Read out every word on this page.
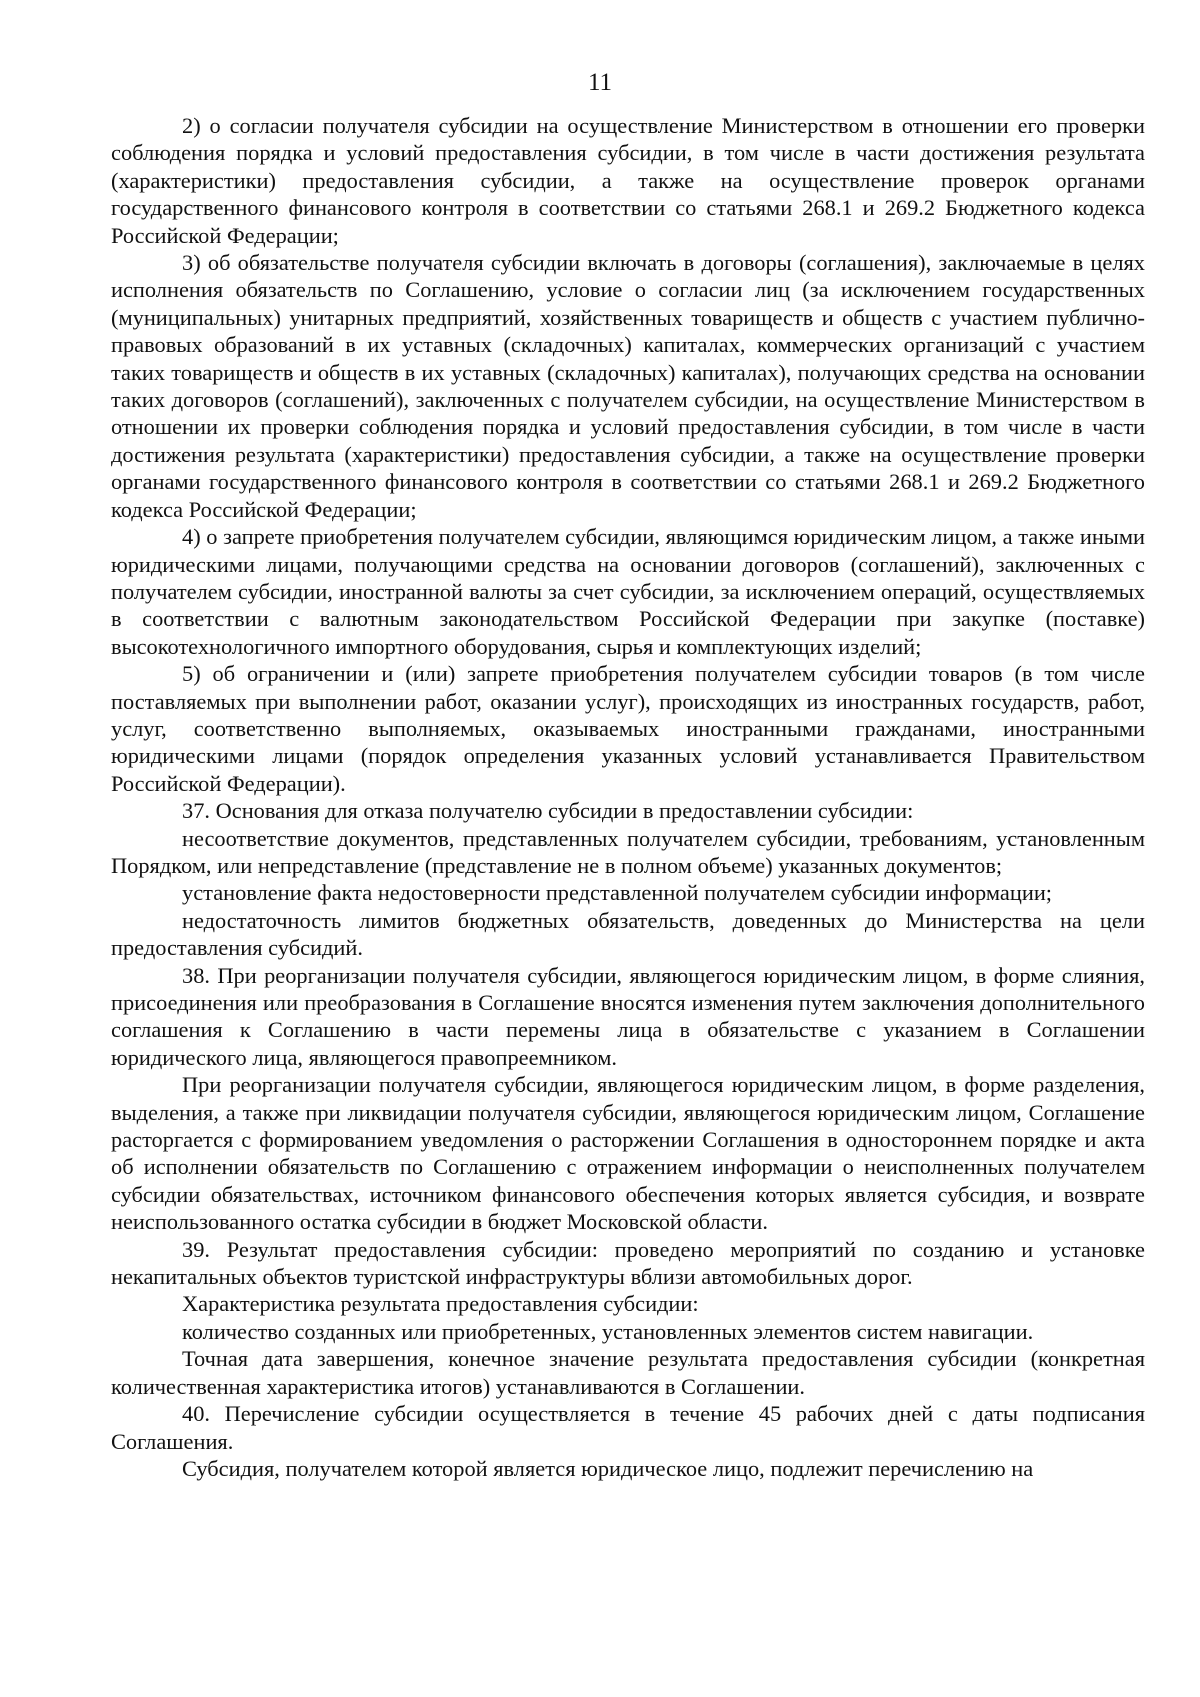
11

2) о согласии получателя субсидии на осуществление Министерством в отношении его проверки соблюдения порядка и условий предоставления субсидии, в том числе в части достижения результата (характеристики) предоставления субсидии, а также на осуществление проверок органами государственного финансового контроля в соответствии со статьями 268.1 и 269.2 Бюджетного кодекса Российской Федерации;

3) об обязательстве получателя субсидии включать в договоры (соглашения), заключаемые в целях исполнения обязательств по Соглашению, условие о согласии лиц (за исключением государственных (муниципальных) унитарных предприятий, хозяйственных товариществ и обществ с участием публично-правовых образований в их уставных (складочных) капиталах, коммерческих организаций с участием таких товариществ и обществ в их уставных (складочных) капиталах), получающих средства на основании таких договоров (соглашений), заключенных с получателем субсидии, на осуществление Министерством в отношении их проверки соблюдения порядка и условий предоставления субсидии, в том числе в части достижения результата (характеристики) предоставления субсидии, а также на осуществление проверки органами государственного финансового контроля в соответствии со статьями 268.1 и 269.2 Бюджетного кодекса Российской Федерации;

4) о запрете приобретения получателем субсидии, являющимся юридическим лицом, а также иными юридическими лицами, получающими средства на основании договоров (соглашений), заключенных с получателем субсидии, иностранной валюты за счет субсидии, за исключением операций, осуществляемых в соответствии с валютным законодательством Российской Федерации при закупке (поставке) высокотехнологичного импортного оборудования, сырья и комплектующих изделий;

5) об ограничении и (или) запрете приобретения получателем субсидии товаров (в том числе поставляемых при выполнении работ, оказании услуг), происходящих из иностранных государств, работ, услуг, соответственно выполняемых, оказываемых иностранными гражданами, иностранными юридическими лицами (порядок определения указанных условий устанавливается Правительством Российской Федерации).

37. Основания для отказа получателю субсидии в предоставлении субсидии:

несоответствие документов, представленных получателем субсидии, требованиям, установленным Порядком, или непредставление (представление не в полном объеме) указанных документов;

установление факта недостоверности представленной получателем субсидии информации;

недостаточность лимитов бюджетных обязательств, доведенных до Министерства на цели предоставления субсидий.

38. При реорганизации получателя субсидии, являющегося юридическим лицом, в форме слияния, присоединения или преобразования в Соглашение вносятся изменения путем заключения дополнительного соглашения к Соглашению в части перемены лица в обязательстве с указанием в Соглашении юридического лица, являющегося правопреемником.

При реорганизации получателя субсидии, являющегося юридическим лицом, в форме разделения, выделения, а также при ликвидации получателя субсидии, являющегося юридическим лицом, Соглашение расторгается с формированием уведомления о расторжении Соглашения в одностороннем порядке и акта об исполнении обязательств по Соглашению с отражением информации о неисполненных получателем субсидии обязательствах, источником финансового обеспечения которых является субсидия, и возврате неиспользованного остатка субсидии в бюджет Московской области.

39. Результат предоставления субсидии: проведено мероприятий по созданию и установке некапитальных объектов туристской инфраструктуры вблизи автомобильных дорог.

Характеристика результата предоставления субсидии:

количество созданных или приобретенных, установленных элементов систем навигации.

Точная дата завершения, конечное значение результата предоставления субсидии (конкретная количественная характеристика итогов) устанавливаются в Соглашении.

40. Перечисление субсидии осуществляется в течение 45 рабочих дней с даты подписания Соглашения.

Субсидия, получателем которой является юридическое лицо, подлежит перечислению на
